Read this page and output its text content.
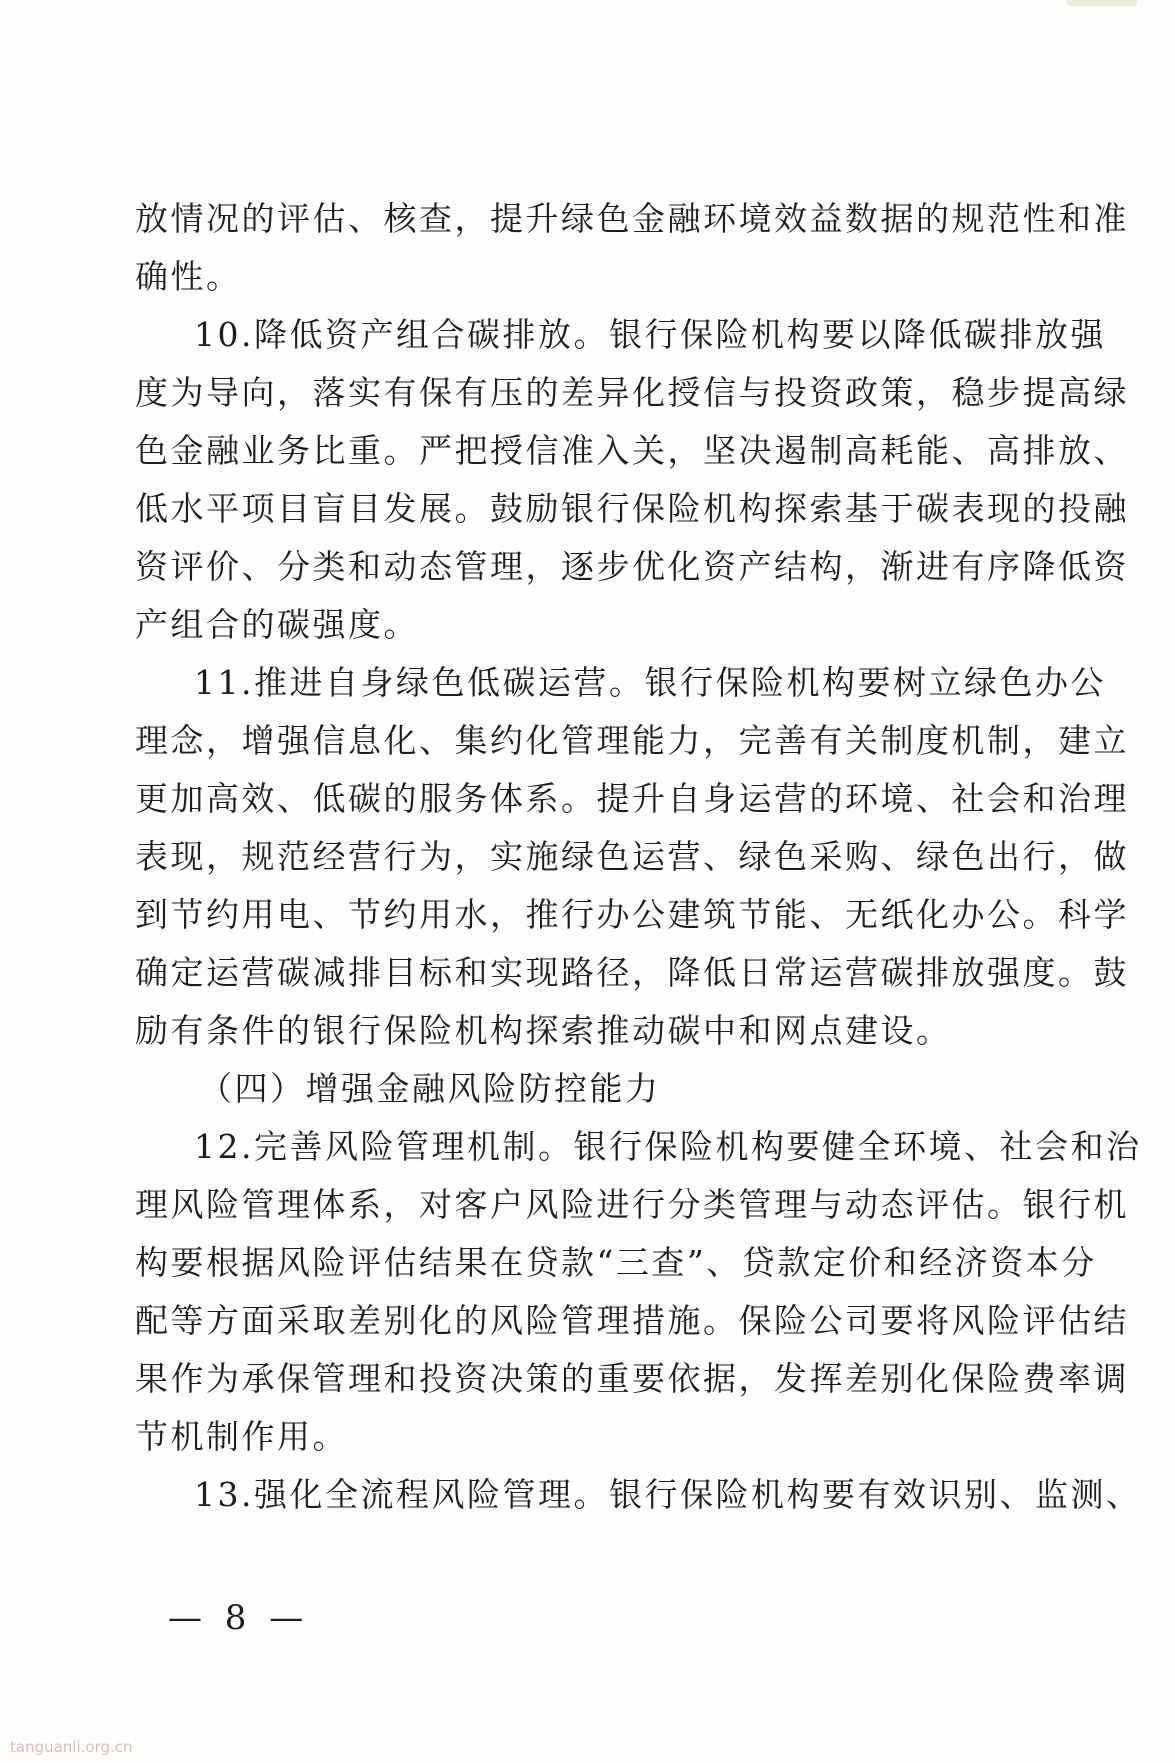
放情况的评估、核查，提升绿色金融环境效益数据的规范性和准
确性。
10.降低资产组合碳排放。银行保险机构要以降低碳排放强
度为导向，落实有保有压的差异化授信与投资政策，稳步提高绿
色金融业务比重。严把授信准入关，坚决遏制高耗能、高排放、
低水平项目盲目发展。鼓励银行保险机构探索基于碳表现的投融
资评价、分类和动态管理，逐步优化资产结构，渐进有序降低资
产组合的碳强度。
11.推进自身绿色低碳运营。银行保险机构要树立绿色办公
理念，增强信息化、集约化管理能力，完善有关制度机制，建立
更加高效、低碳的服务体系。提升自身运营的环境、社会和治理
表现，规范经营行为，实施绿色运营、绿色采购、绿色出行，做
到节约用电、节约用水，推行办公建筑节能、无纸化办公。科学
确定运营碳减排目标和实现路径，降低日常运营碳排放强度。鼓
励有条件的银行保险机构探索推动碳中和网点建设。
（四）增强金融风险防控能力
12.完善风险管理机制。银行保险机构要健全环境、社会和治
理风险管理体系，对客户风险进行分类管理与动态评估。银行机
构要根据风险评估结果在贷款“三查”、贷款定价和经济资本分
配等方面采取差别化的风险管理措施。保险公司要将风险评估结
果作为承保管理和投资决策的重要依据，发挥差别化保险费率调
节机制作用。
13.强化全流程风险管理。银行保险机构要有效识别、监测、
— 8 —
tanguanli.org.cn
